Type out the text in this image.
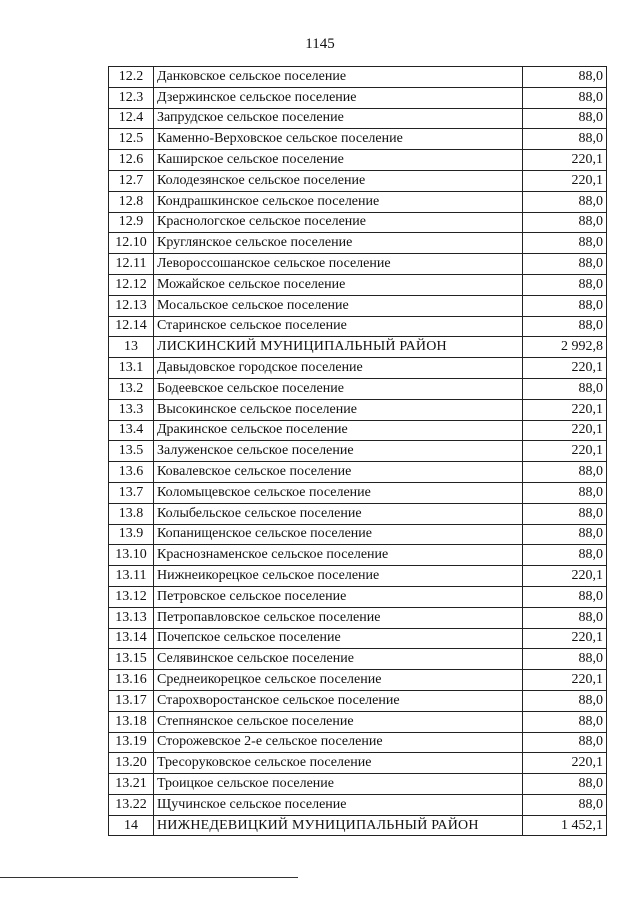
1145
12.2	Данковское сельское поселение	88,0
12.3	Дзержинское сельское поселение	88,0
12.4	Запрудское сельское поселение	88,0
12.5	Каменно-Верховское сельское поселение	88,0
12.6	Каширское сельское поселение	220,1
12.7	Колодезянское сельское поселение	220,1
12.8	Кондрашкинское сельское поселение	88,0
12.9	Краснологское сельское поселение	88,0
12.10	Круглянское сельское поселение	88,0
12.11	Левороссошанское сельское поселение	88,0
12.12	Можайское сельское поселение	88,0
12.13	Мосальское сельское поселение	88,0
12.14	Старинское сельское поселение	88,0
13	ЛИСКИНСКИЙ МУНИЦИПАЛЬНЫЙ РАЙОН	2 992,8
13.1	Давыдовское городское поселение	220,1
13.2	Бодеевское сельское поселение	88,0
13.3	Высокинское сельское поселение	220,1
13.4	Дракинское сельское поселение	220,1
13.5	Залуженское сельское поселение	220,1
13.6	Ковалевское сельское поселение	88,0
13.7	Коломыцевское сельское поселение	88,0
13.8	Колыбельское сельское поселение	88,0
13.9	Копанищенское сельское поселение	88,0
13.10	Краснознаменское сельское поселение	88,0
13.11	Нижнеикорецкое сельское поселение	220,1
13.12	Петровское сельское поселение	88,0
13.13	Петропавловское сельское поселение	88,0
13.14	Почепское сельское поселение	220,1
13.15	Селявинское сельское поселение	88,0
13.16	Среднеикорецкое сельское поселение	220,1
13.17	Старохворостанское сельское поселение	88,0
13.18	Степнянское сельское поселение	88,0
13.19	Сторожевское 2-е сельское поселение	88,0
13.20	Тресоруковское сельское поселение	220,1
13.21	Троицкое сельское поселение	88,0
13.22	Щучинское сельское поселение	88,0
14	НИЖНЕДЕВИЦКИЙ МУНИЦИПАЛЬНЫЙ РАЙОН	1 452,1
